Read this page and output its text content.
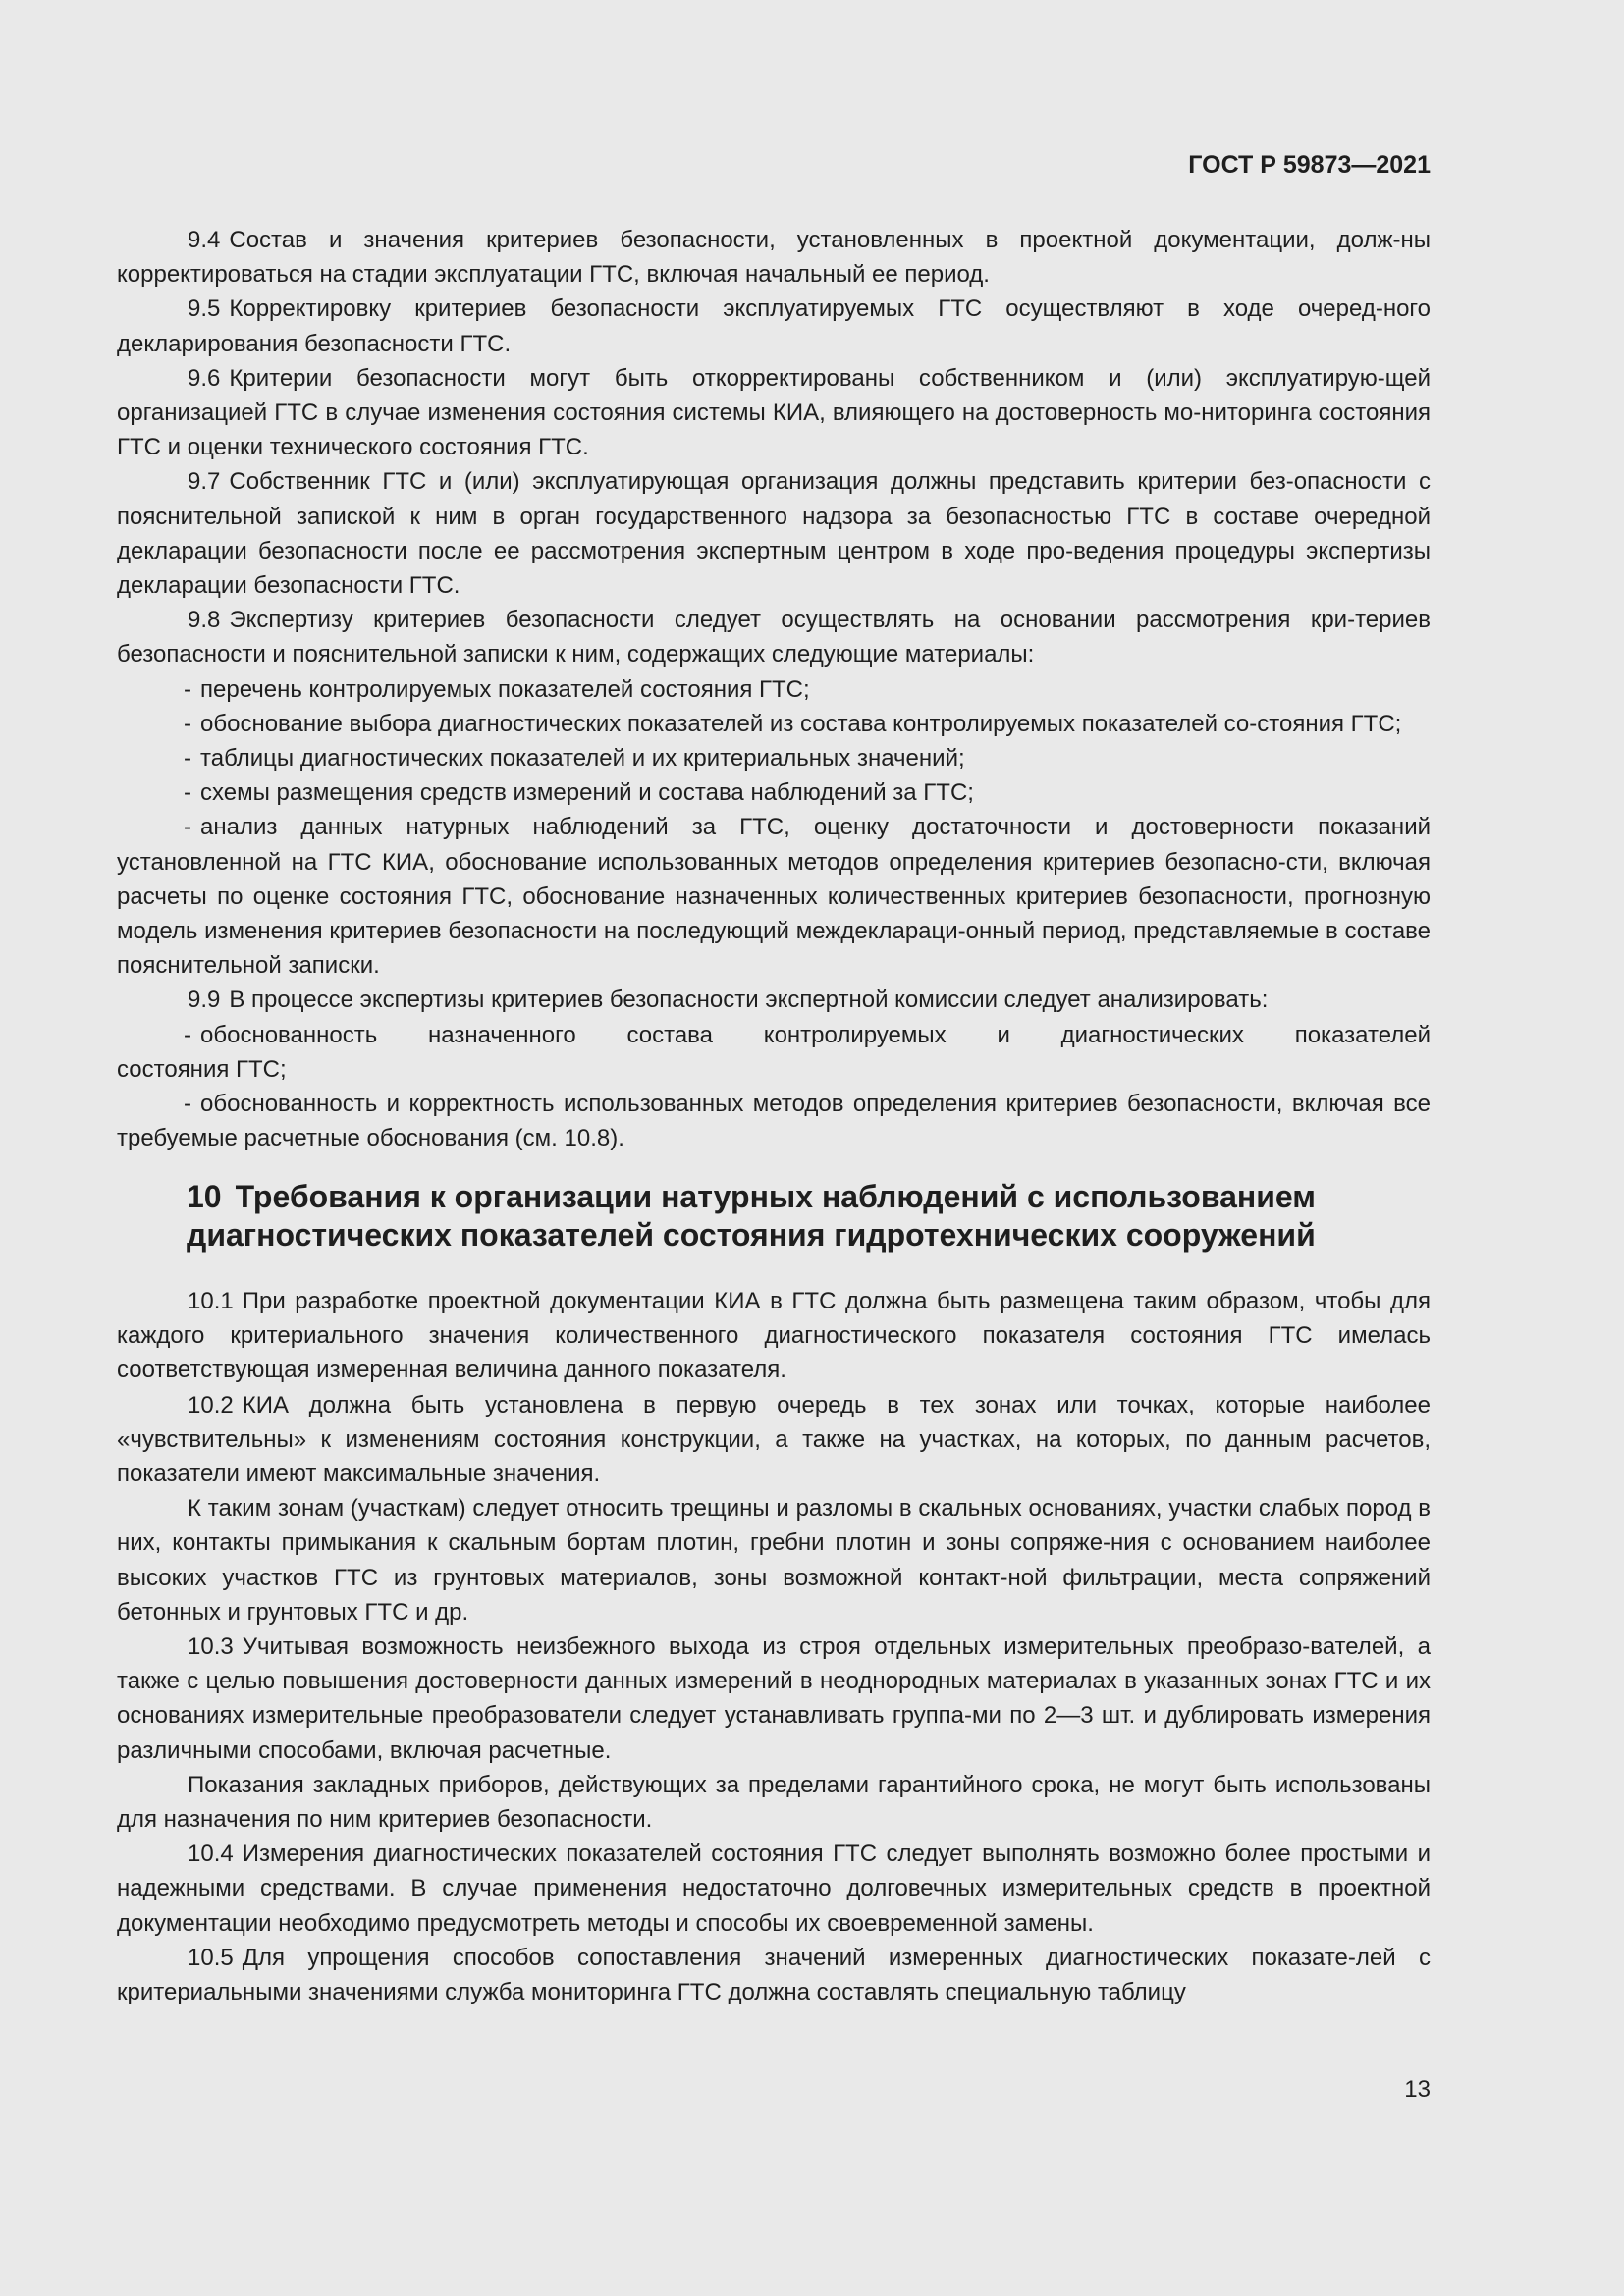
ГОСТ Р 59873—2021

9.4 Состав и значения критериев безопасности, установленных в проектной документации, долж-ны корректироваться на стадии эксплуатации ГТС, включая начальный ее период.

9.5 Корректировку критериев безопасности эксплуатируемых ГТС осуществляют в ходе очеред-ного декларирования безопасности ГТС.

9.6 Критерии безопасности могут быть откорректированы собственником и (или) эксплуатирую-щей организацией ГТС в случае изменения состояния системы КИА, влияющего на достоверность мо-ниторинга состояния ГТС и оценки технического состояния ГТС.

9.7 Собственник ГТС и (или) эксплуатирующая организация должны представить критерии без-опасности с пояснительной запиской к ним в орган государственного надзора за безопасностью ГТС в составе очередной декларации безопасности после ее рассмотрения экспертным центром в ходе про-ведения процедуры экспертизы декларации безопасности ГТС.

9.8 Экспертизу критериев безопасности следует осуществлять на основании рассмотрения кри-териев безопасности и пояснительной записки к ним, содержащих следующие материалы:

- перечень контролируемых показателей состояния ГТС;

- обоснование выбора диагностических показателей из состава контролируемых показателей со-стояния ГТС;

- таблицы диагностических показателей и их критериальных значений;

- схемы размещения средств измерений и состава наблюдений за ГТС;

- анализ данных натурных наблюдений за ГТС, оценку достаточности и достоверности показаний установленной на ГТС КИА, обоснование использованных методов определения критериев безопасно-сти, включая расчеты по оценке состояния ГТС, обоснование назначенных количественных критериев безопасности, прогнозную модель изменения критериев безопасности на последующий междеклараци-онный период, представляемые в составе пояснительной записки.

9.9 В процессе экспертизы критериев безопасности экспертной комиссии следует анализировать:

- обоснованность назначенного состава контролируемых и диагностических показателей

состояния ГТС;

- обоснованность и корректность использованных методов определения критериев безопасности, включая все требуемые расчетные обоснования (см. 10.8).

10 Требования к организации натурных наблюдений с использованием
диагностических показателей состояния гидротехнических сооружений

10.1 При разработке проектной документации КИА в ГТС должна быть размещена таким образом, чтобы для каждого критериального значения количественного диагностического показателя состояния ГТС имелась соответствующая измеренная величина данного показателя.

10.2 КИА должна быть установлена в первую очередь в тех зонах или точках, которые наиболее «чувствительны» к изменениям состояния конструкции, а также на участках, на которых, по данным расчетов, показатели имеют максимальные значения.

К таким зонам (участкам) следует относить трещины и разломы в скальных основаниях, участки слабых пород в них, контакты примыкания к скальным бортам плотин, гребни плотин и зоны сопряже-ния с основанием наиболее высоких участков ГТС из грунтовых материалов, зоны возможной контакт-ной фильтрации, места сопряжений бетонных и грунтовых ГТС и др.

10.3 Учитывая возможность неизбежного выхода из строя отдельных измерительных преобразо-вателей, а также с целью повышения достоверности данных измерений в неоднородных материалах в указанных зонах ГТС и их основаниях измерительные преобразователи следует устанавливать группа-ми по 2—3 шт. и дублировать измерения различными способами, включая расчетные.

Показания закладных приборов, действующих за пределами гарантийного срока, не могут быть использованы для назначения по ним критериев безопасности.

10.4 Измерения диагностических показателей состояния ГТС следует выполнять возможно более простыми и надежными средствами. В случае применения недостаточно долговечных измерительных средств в проектной документации необходимо предусмотреть методы и способы их своевременной замены.

10.5 Для упрощения способов сопоставления значений измеренных диагностических показате-лей с критериальными значениями служба мониторинга ГТС должна составлять специальную таблицу

13
